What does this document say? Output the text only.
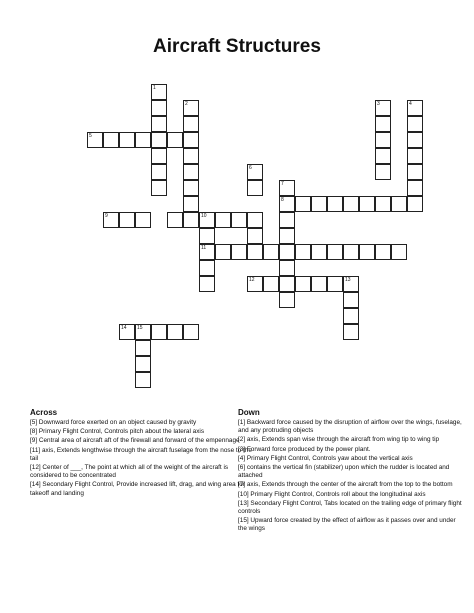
Aircraft Structures
1
2	3	4
5
6
7
8
9	10
11
12	13
14 15
Across
[5] Downward force exerted on an object caused by gravity
[8] Primary Flight Control, Controls pitch about the lateral axis
[9] Central area of aircraft aft of the firewall and forward of the empennage
[11] axis, Extends lengthwise through the aircraft fuselage from the nose to the tail
[12] Center of ___, The point at which all of the weight of the aircraft is considered to be concentrated
[14] Secondary Flight Control, Provide increased lift, drag, and wing area for takeoff and landing
Down
[1] Backward force caused by the disruption of airflow over the wings, fuselage, and any protruding objects
[2] axis, Extends span wise through the aircraft from wing tip to wing tip
[3] Forward force produced by the power plant.
[4] Primary Flight Control, Controls yaw about the vertical axis
[6] contains the vertical fin (stabilizer) upon which the rudder is located and attached
[7] axis, Extends through the center of the aircraft from the top to the bottom
[10] Primary Flight Control, Controls roll about the longitudinal axis
[13] Secondary Flight Control, Tabs located on the trailing edge of primary flight controls
[15] Upward force created by the effect of airflow as it passes over and under the wings
